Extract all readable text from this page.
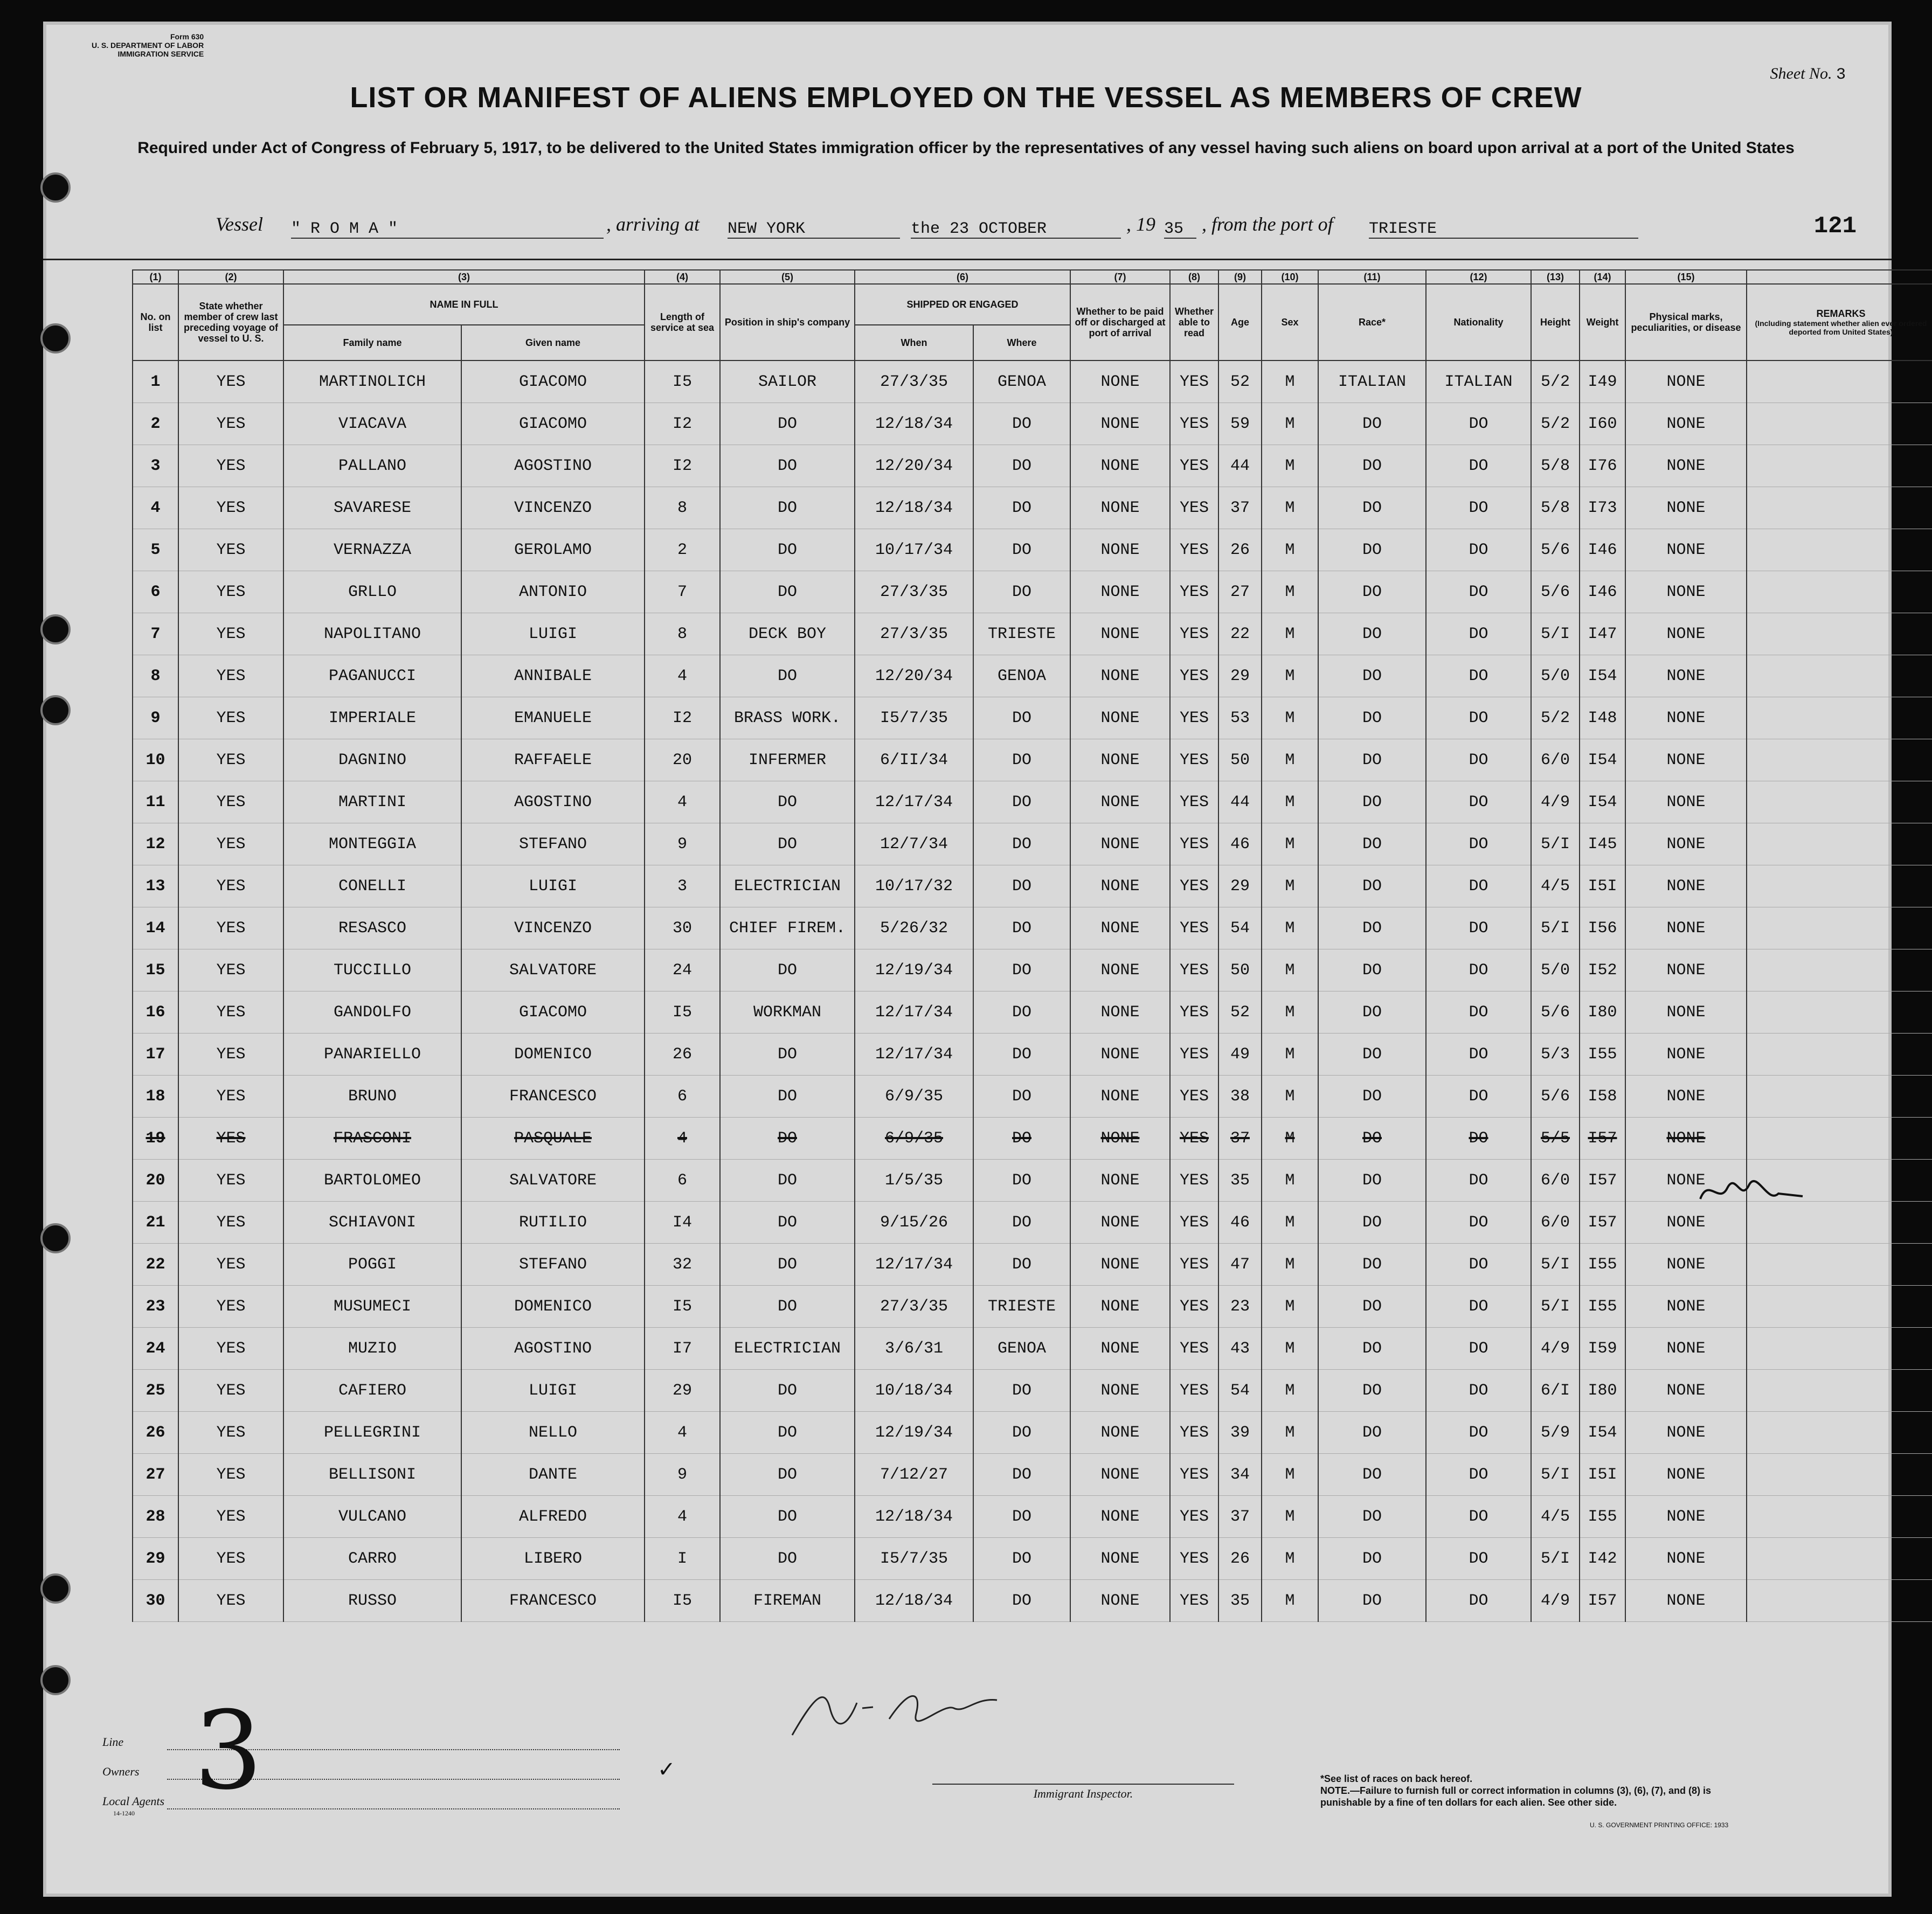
Form 630
U. S. DEPARTMENT OF LABOR
IMMIGRATION SERVICE
Sheet No. 3
LIST OR MANIFEST OF ALIENS EMPLOYED ON THE VESSEL AS MEMBERS OF CREW
Required under Act of Congress of February 5, 1917, to be delivered to the United States immigration officer by the representatives of any vessel having such aliens on board upon arrival at a port of the United States
Vessel " R O M A "	, arriving at NEW YORK	the 23 OCTOBER	, 19 35 , from the port of TRIESTE	121
(1)	(2)	(3)		(4)	(5)	(6)		(7)	(8)	(9)	(10)	(11)	(12)	(13)	(14)	(15)	
No. on list	State whether member of crew last preceding voyage of vessel to U. S.	NAME IN FULL		Length of service at sea	Position in ship's company	SHIPPED OR ENGAGED		Whether to be paid off or discharged at port of arrival	Whether able to read	Age	Sex	Race*	Nationality	Height	Weight	Physical marks, peculiarities, or disease	REMARKS
(Including statement whether alien ever ordered deported from United States)

		Family name	Given name			When	Where										
1	YES	MARTINOLICH	GIACOMO	I5	SAILOR	27/3/35	GENOA	NONE	YES	52	M	ITALIAN	ITALIAN	5/2	I49	NONE	
2	YES	VIACAVA	GIACOMO	I2	DO	12/18/34	DO	NONE	YES	59	M	DO	DO	5/2	I60	NONE	
3	YES	PALLANO	AGOSTINO	I2	DO	12/20/34	DO	NONE	YES	44	M	DO	DO	5/8	I76	NONE	
4	YES	SAVARESE	VINCENZO	8	DO	12/18/34	DO	NONE	YES	37	M	DO	DO	5/8	I73	NONE	
5	YES	VERNAZZA	GEROLAMO	2	DO	10/17/34	DO	NONE	YES	26	M	DO	DO	5/6	I46	NONE	
6	YES	GRLLO	ANTONIO	7	DO	27/3/35	DO	NONE	YES	27	M	DO	DO	5/6	I46	NONE	
7	YES	NAPOLITANO	LUIGI	8	DECK BOY	27/3/35	TRIESTE	NONE	YES	22	M	DO	DO	5/I	I47	NONE	
8	YES	PAGANUCCI	ANNIBALE	4	DO	12/20/34	GENOA	NONE	YES	29	M	DO	DO	5/0	I54	NONE	
9	YES	IMPERIALE	EMANUELE	I2	BRASS WORK.	I5/7/35	DO	NONE	YES	53	M	DO	DO	5/2	I48	NONE	
10	YES	DAGNINO	RAFFAELE	20	INFERMER	6/II/34	DO	NONE	YES	50	M	DO	DO	6/0	I54	NONE	
11	YES	MARTINI	AGOSTINO	4	DO	12/17/34	DO	NONE	YES	44	M	DO	DO	4/9	I54	NONE	
12	YES	MONTEGGIA	STEFANO	9	DO	12/7/34	DO	NONE	YES	46	M	DO	DO	5/I	I45	NONE	
13	YES	CONELLI	LUIGI	3	ELECTRICIAN	10/17/32	DO	NONE	YES	29	M	DO	DO	4/5	I5I	NONE	
14	YES	RESASCO	VINCENZO	30	CHIEF FIREM.	5/26/32	DO	NONE	YES	54	M	DO	DO	5/I	I56	NONE	
15	YES	TUCCILLO	SALVATORE	24	DO	12/19/34	DO	NONE	YES	50	M	DO	DO	5/0	I52	NONE	
16	YES	GANDOLFO	GIACOMO	I5	WORKMAN	12/17/34	DO	NONE	YES	52	M	DO	DO	5/6	I80	NONE	
17	YES	PANARIELLO	DOMENICO	26	DO	12/17/34	DO	NONE	YES	49	M	DO	DO	5/3	I55	NONE	
18	YES	BRUNO	FRANCESCO	6	DO	6/9/35	DO	NONE	YES	38	M	DO	DO	5/6	I58	NONE	
19	YES	FRASCONI	PASQUALE	4	DO	6/9/35	DO	NONE	YES	37	M	DO	DO	5/5	I57	NONE	
20	YES	BARTOLOMEO	SALVATORE	6	DO	1/5/35	DO	NONE	YES	35	M	DO	DO	6/0	I57	NONE	
21	YES	SCHIAVONI	RUTILIO	I4	DO	9/15/26	DO	NONE	YES	46	M	DO	DO	6/0	I57	NONE	
22	YES	POGGI	STEFANO	32	DO	12/17/34	DO	NONE	YES	47	M	DO	DO	5/I	I55	NONE	
23	YES	MUSUMECI	DOMENICO	I5	DO	27/3/35	TRIESTE	NONE	YES	23	M	DO	DO	5/I	I55	NONE	
24	YES	MUZIO	AGOSTINO	I7	ELECTRICIAN	3/6/31	GENOA	NONE	YES	43	M	DO	DO	4/9	I59	NONE	
25	YES	CAFIERO	LUIGI	29	DO	10/18/34	DO	NONE	YES	54	M	DO	DO	6/I	I80	NONE	
26	YES	PELLEGRINI	NELLO	4	DO	12/19/34	DO	NONE	YES	39	M	DO	DO	5/9	I54	NONE	
27	YES	BELLISONI	DANTE	9	DO	7/12/27	DO	NONE	YES	34	M	DO	DO	5/I	I5I	NONE	
28	YES	VULCANO	ALFREDO	4	DO	12/18/34	DO	NONE	YES	37	M	DO	DO	4/5	I55	NONE	
29	YES	CARRO	LIBERO	I	DO	I5/7/35	DO	NONE	YES	26	M	DO	DO	5/I	I42	NONE	
30	YES	RUSSO	FRANCESCO	I5	FIREMAN	12/18/34	DO	NONE	YES	35	M	DO	DO	4/9	I57	NONE	
Line
Owners
Local Agents
14-1240 3	✓
Immigrant Inspector.
*See list of races on back hereof.
NOTE.—Failure to furnish full or correct information in columns (3), (6), (7), and (8) is punishable by a fine of ten dollars for each alien. See other side.
U. S. GOVERNMENT PRINTING OFFICE: 1933
